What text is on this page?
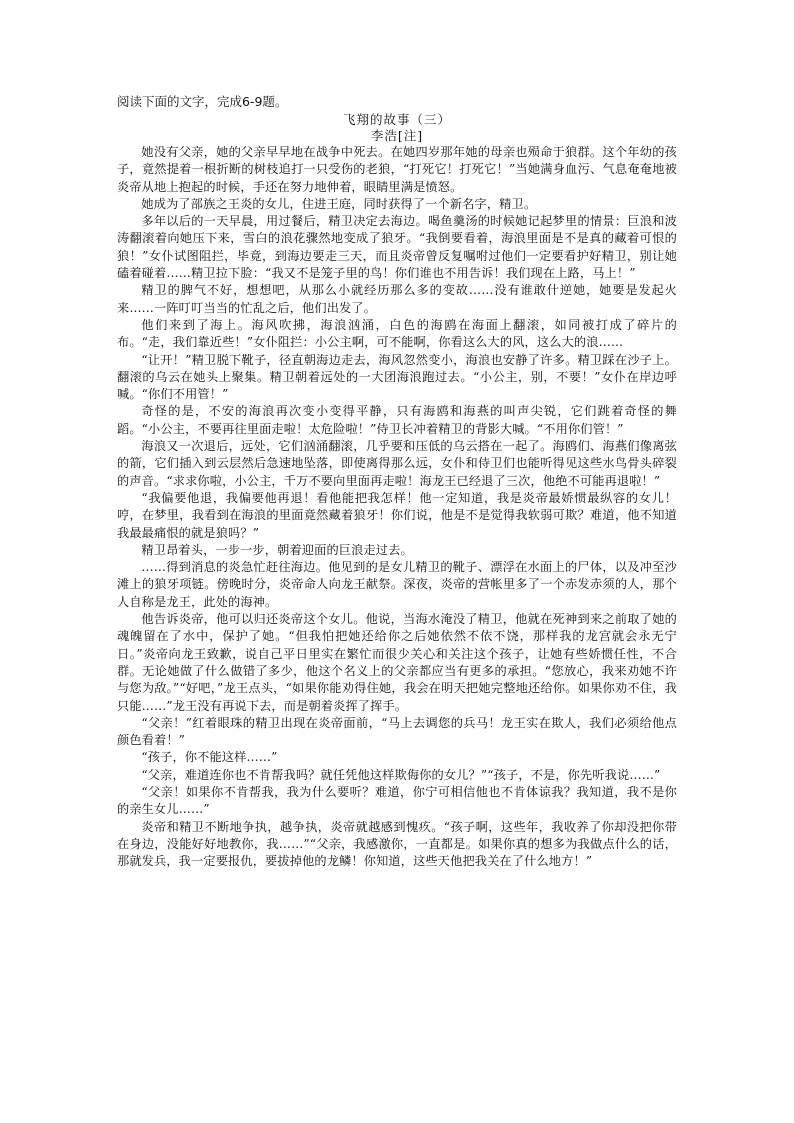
阅读下面的文字，完成6-9题。
飞翔的故事（三）
李浩[注]

她没有父亲，她的父亲早早地在战争中死去。在她四岁那年她的母亲也殒命于狼群。这个年幼的孩子，竟然提着一根折断的树枝追打一只受伤的老狼，“打死它！打死它！”当她满身血污、气息奄奄地被炎帝从地上抱起的时候，手还在努力地伸着，眼睛里满是愤怒。

她成为了部族之王炎的女儿，住进王庭，同时获得了一个新名字，精卫。

多年以后的一天早晨，用过餐后，精卫决定去海边。喝鱼羹汤的时候她记起梦里的情景：巨浪和波涛翻滚着向她压下来，雪白的浪花骤然地变成了狼牙。“我倒要看着，海浪里面是不是真的藏着可恨的狼！”女仆试图阻拦，毕竟，到海边要走三天，而且炎帝曾反复嘱咐过他们一定要看护好精卫，别让她磕着碰着……精卫拉下脸：“我又不是笼子里的鸟！你们谁也不用告诉！我们现在上路，马上！”

精卫的脾气不好，想想吧，从那么小就经历那么多的变故……没有谁敢什逆她，她要是发起火来……一阵叮叮当当的忙乱之后，他们出发了。

他们来到了海上。海风吹拂，海浪汹涌，白色的海鸥在海面上翻滚，如同被打成了碎片的布。“走，我们靠近些！”女仆阻拦：小公主啊，可不能啊，你看这么大的风，这么大的浪……

“让开！”精卫脱下靴子，径直朝海边走去，海风忽然变小，海浪也安静了许多。精卫踩在沙子上。翻滚的乌云在她头上聚集。精卫朝着远处的一大团海浪跑过去。“小公主，别，不要！”女仆在岸边呼喊。“你们不用管！”

奇怪的是，不安的海浪再次变小变得平静，只有海鸥和海燕的叫声尖锐，它们跳着奇怪的舞蹈。“小公主，不要再往里面走啦！太危险啦！”侍卫长冲着精卫的背影大喊。“不用你们管！”

海浪又一次退后，远处，它们汹涌翻滚，几乎要和压低的乌云搭在一起了。海鸥们、海燕们像离弦的箭，它们插入到云层然后急速地坠落，即使离得那么远，女仆和侍卫们也能听得见这些水鸟骨头碎裂的声音。“求求你啦，小公主，千万不要向里面再走啦！海龙王已经退了三次，他绝不可能再退啦！”

“我偏要他退，我偏要他再退！看他能把我怎样！他一定知道，我是炎帝最娇惯最纵容的女儿！哼，在梦里，我看到在海浪的里面竟然藏着狼牙！你们说，他是不是觉得我软弱可欺？难道，他不知道我最最痛恨的就是狼吗？”

精卫昂着头，一步一步，朝着迎面的巨浪走过去。

……得到消息的炎急忙赶往海边。他见到的是女儿精卫的靴子、漂浮在水面上的尸体，以及冲至沙滩上的狼牙项链。傍晚时分，炎帝命人向龙王献祭。深夜，炎帝的营帐里多了一个赤发赤须的人，那个人自称是龙王，此处的海神。

他告诉炎帝，他可以归还炎帝这个女儿。他说，当海水淹没了精卫，他就在死神到来之前取了她的魂魄留在了水中，保护了她。“但我怕把她还给你之后她依然不依不饶，那样我的龙宫就会永无宁日。”炎帝向龙王致歉，说自己平日里实在繁忙而很少关心和关注这个孩子，让她有些娇惯任性，不合群。无论她做了什么做错了多少，他这个名义上的父亲都应当有更多的承担。“您放心，我来劝她不许与您为敌。”“好吧，”龙王点头，“如果你能劝得住她，我会在明天把她完整地还给你。如果你劝不住，我只能……”龙王没有再说下去，而是朝着炎挥了挥手。

“父亲！”红着眼珠的精卫出现在炎帝面前，“马上去调您的兵马！龙王实在欺人，我们必须给他点颜色看着！”

“孩子，你不能这样……”

“父亲，难道连你也不肯帮我吗？就任凭他这样欺侮你的女儿？”“孩子，不是，你先听我说……”

“父亲！如果你不肯帮我，我为什么要听？难道，你宁可相信他也不肯体谅我？我知道，我不是你的亲生女儿……”

炎帝和精卫不断地争执，越争执，炎帝就越感到愧疚。“孩子啊，这些年，我收养了你却没把你带在身边，没能好好地教你，我……”“父亲，我感激你，一直都是。如果你真的想多为我做点什么的话，那就发兵，我一定要报仇，要拔掉他的龙鳞！你知道，这些天他把我关在了什么地方！”
